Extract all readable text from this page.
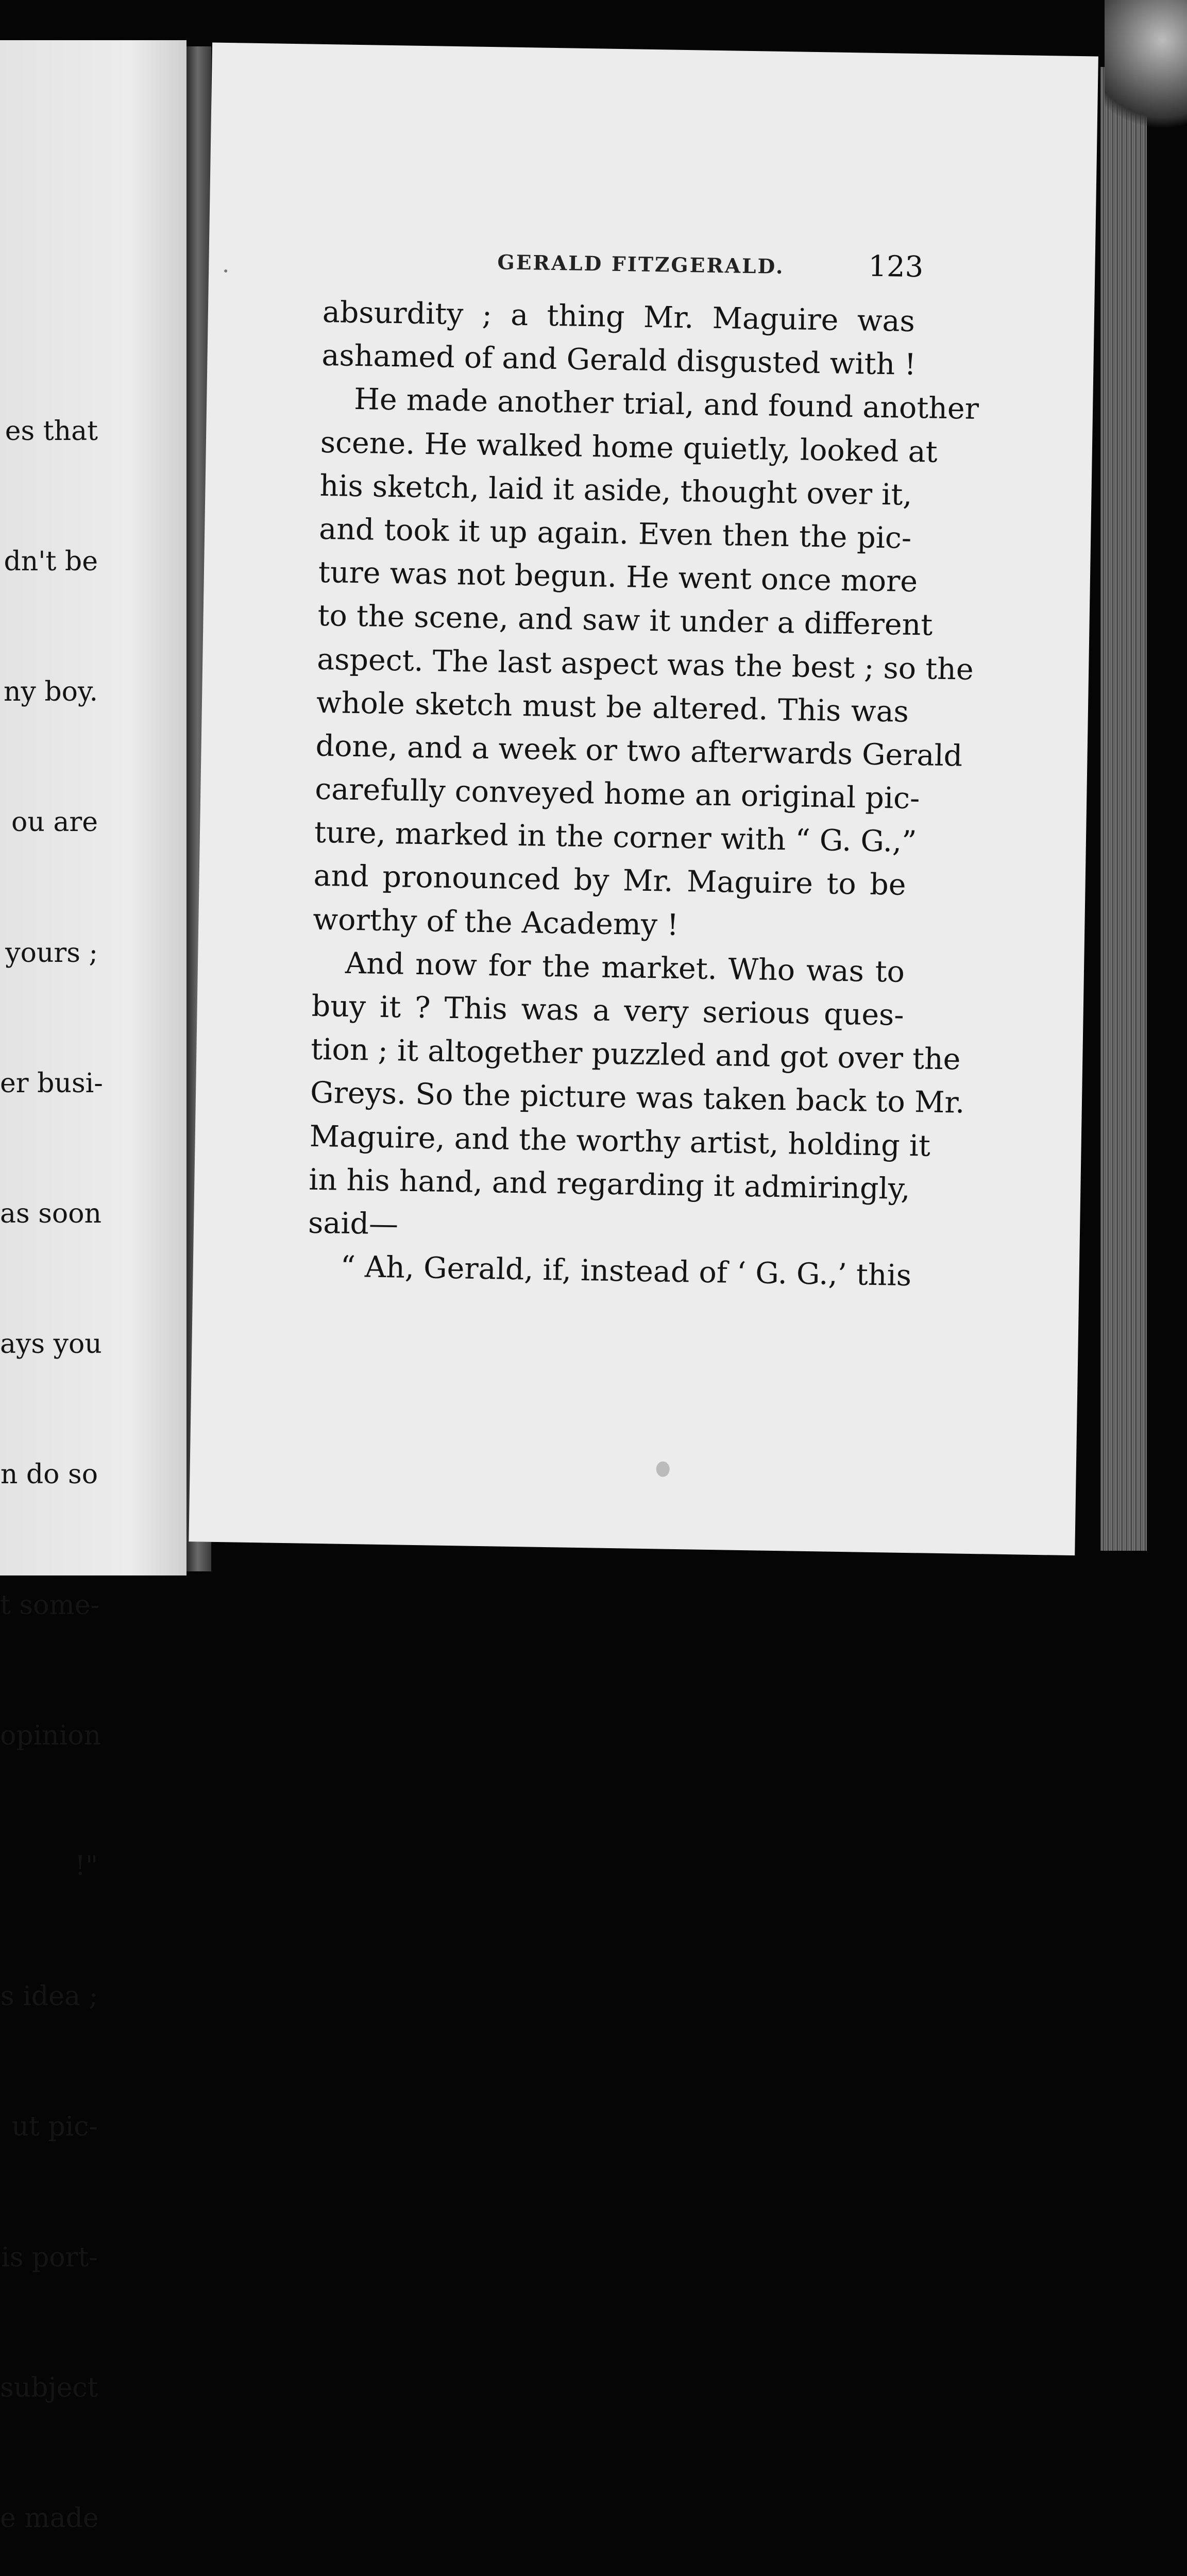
es that

dn't be

ny boy.

ou are

yours ;

er busi-

as soon

ays you

n do so

t some-

opinion

!"

s idea ;

ut pic-

is port-

subject

e made

GERALD FITZGERALD.	123
absurdity ; a thing Mr. Maguire was
ashamed of and Gerald disgusted with !
He made another trial, and found another
scene. He walked home quietly, looked at
his sketch, laid it aside, thought over it,
and took it up again. Even then the pic-
ture was not begun. He went once more
to the scene, and saw it under a different
aspect. The last aspect was the best ; so the
whole sketch must be altered. This was
done, and a week or two afterwards Gerald
carefully conveyed home an original pic-
ture, marked in the corner with “ G. G.,”
and pronounced by Mr. Maguire to be
worthy of the Academy !
And now for the market. Who was to
buy it ? This was a very serious ques-
tion ; it altogether puzzled and got over the
Greys. So the picture was taken back to Mr.
Maguire, and the worthy artist, holding it
in his hand, and regarding it admiringly,
said—
“ Ah, Gerald, if, instead of ‘ G. G.,’ this
